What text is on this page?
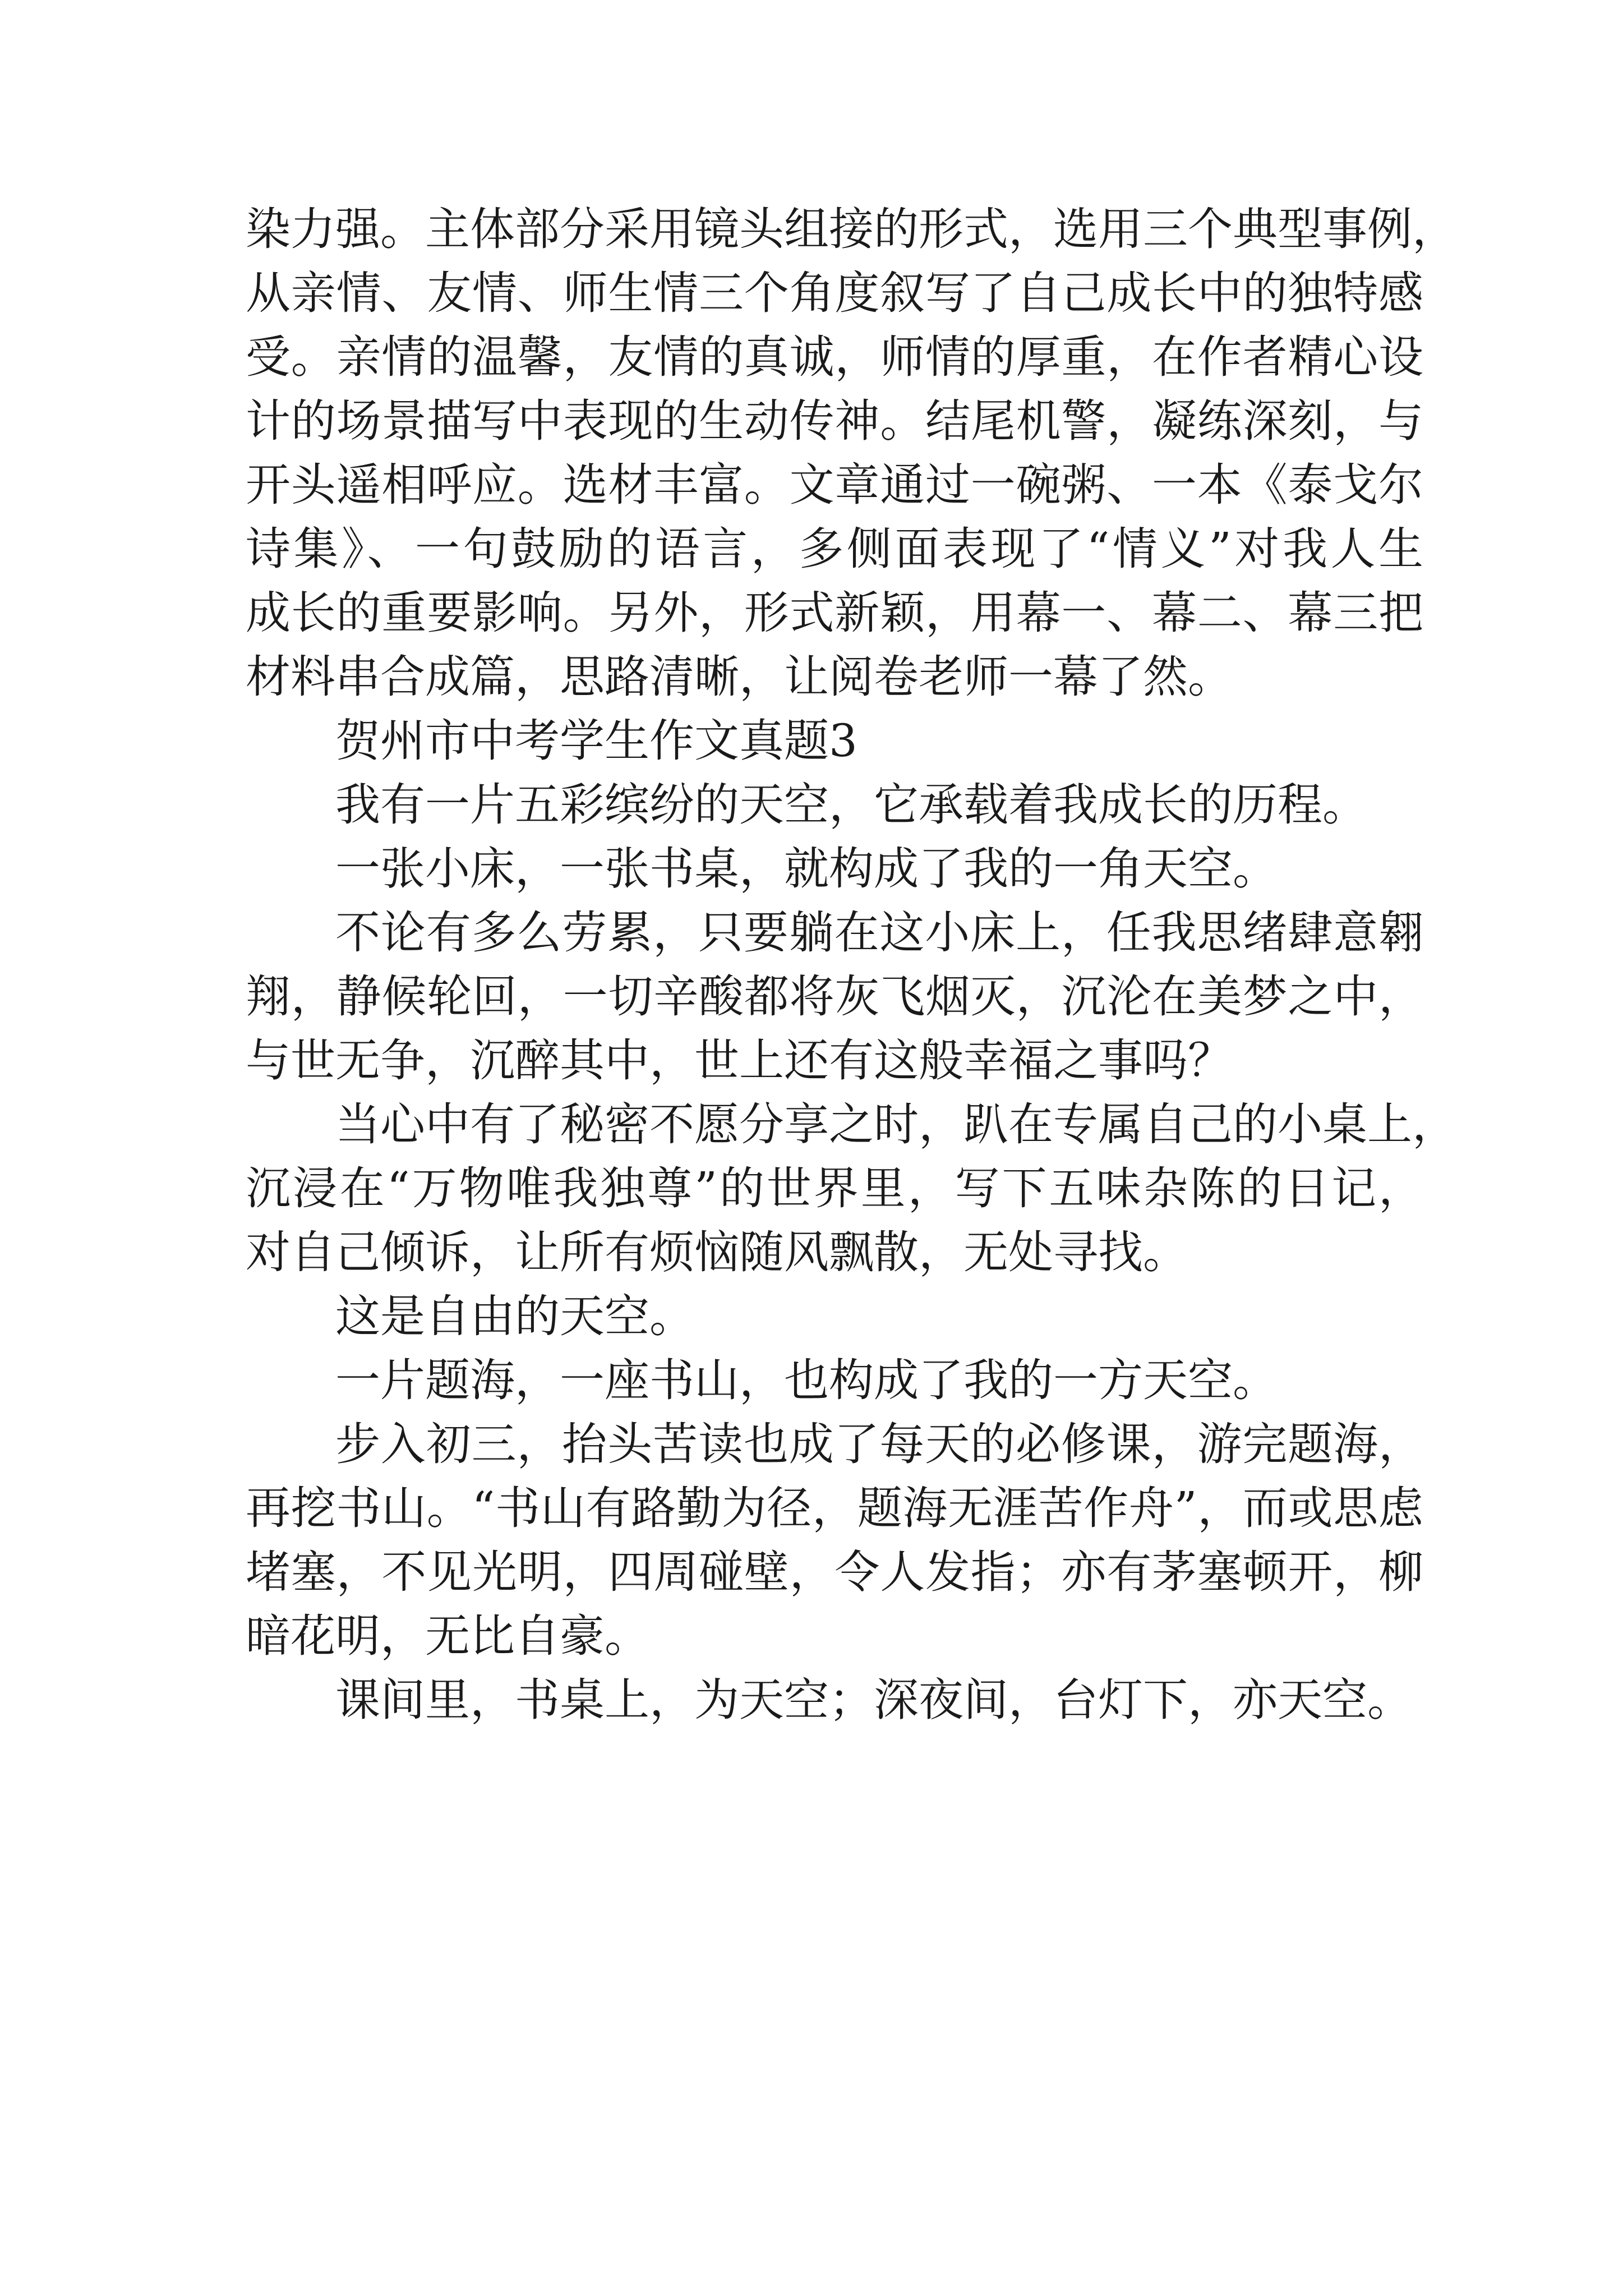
染力强。主体部分采用镜头组接的形式，选用三个典型事例，
从亲情、友情、师生情三个角度叙写了自己成长中的独特感
受。亲情的温馨，友情的真诚，师情的厚重，在作者精心设
计的场景描写中表现的生动传神。结尾机警，凝练深刻，与
开头遥相呼应。选材丰富。文章通过一碗粥、一本《泰戈尔
诗集》、一句鼓励的语言，多侧面表现了“情义”对我人生
成长的重要影响。另外，形式新颖，用幕一、幕二、幕三把
材料串合成篇，思路清晰，让阅卷老师一幕了然。
贺州市中考学生作文真题3
我有一片五彩缤纷的天空，它承载着我成长的历程。
一张小床，一张书桌，就构成了我的一角天空。
不论有多么劳累，只要躺在这小床上，任我思绪肆意翱
翔，静候轮回，一切辛酸都将灰飞烟灭，沉沦在美梦之中，
与世无争，沉醉其中，世上还有这般幸福之事吗？
当心中有了秘密不愿分享之时，趴在专属自己的小桌上，
沉浸在“万物唯我独尊”的世界里，写下五味杂陈的日记，
对自己倾诉，让所有烦恼随风飘散，无处寻找。
这是自由的天空。
一片题海，一座书山，也构成了我的一方天空。
步入初三，抬头苦读也成了每天的必修课，游完题海，
再挖书山。“书山有路勤为径，题海无涯苦作舟”，而或思虑
堵塞，不见光明，四周碰壁，令人发指；亦有茅塞顿开，柳
暗花明，无比自豪。
课间里，书桌上，为天空；深夜间，台灯下，亦天空。
